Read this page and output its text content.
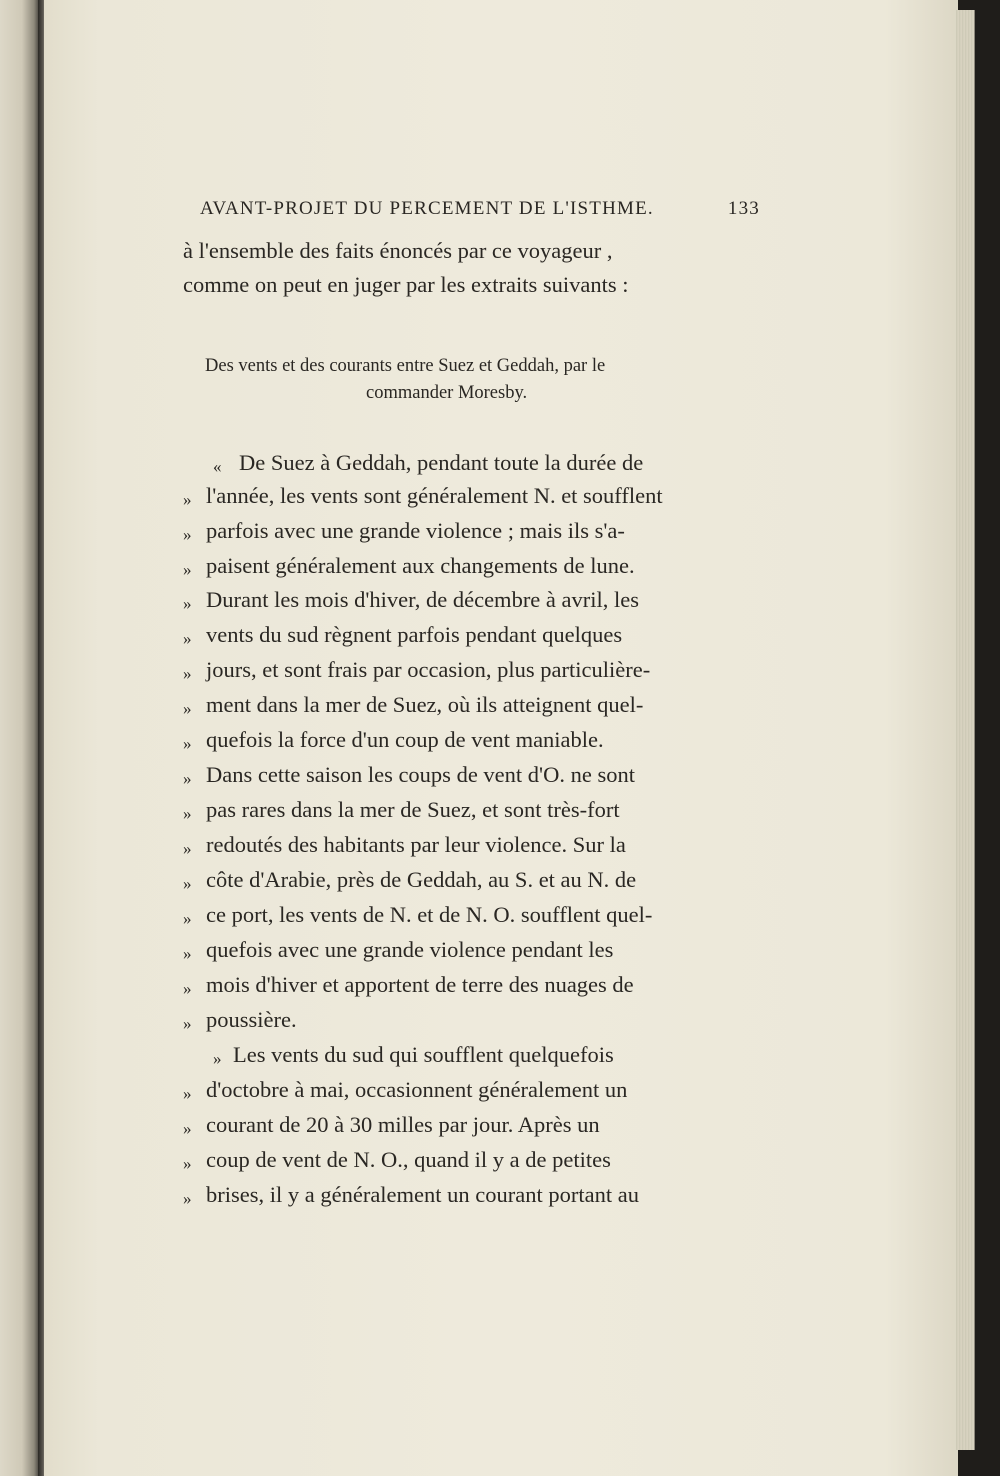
AVANT-PROJET DU PERCEMENT DE L'ISTHME.	133
à l'ensemble des faits énoncés par ce voyageur ,
comme on peut en juger par les extraits suivants :
Des vents et des courants entre Suez et Geddah, par le
commander Moresby.
« De Suez à Geddah, pendant toute la durée de
» l'année, les vents sont généralement N. et soufflent
» parfois avec une grande violence ; mais ils s'a-
» paisent généralement aux changements de lune.
» Durant les mois d'hiver, de décembre à avril, les
» vents du sud règnent parfois pendant quelques
» jours, et sont frais par occasion, plus particulière-
» ment dans la mer de Suez, où ils atteignent quel-
» quefois la force d'un coup de vent maniable.
» Dans cette saison les coups de vent d'O. ne sont
» pas rares dans la mer de Suez, et sont très-fort
» redoutés des habitants par leur violence. Sur la
» côte d'Arabie, près de Geddah, au S. et au N. de
» ce port, les vents de N. et de N. O. soufflent quel-
» quefois avec une grande violence pendant les
» mois d'hiver et apportent de terre des nuages de
» poussière.
» Les vents du sud qui soufflent quelquefois
» d'octobre à mai, occasionnent généralement un
» courant de 20 à 30 milles par jour. Après un
» coup de vent de N. O., quand il y a de petites
» brises, il y a généralement un courant portant au
